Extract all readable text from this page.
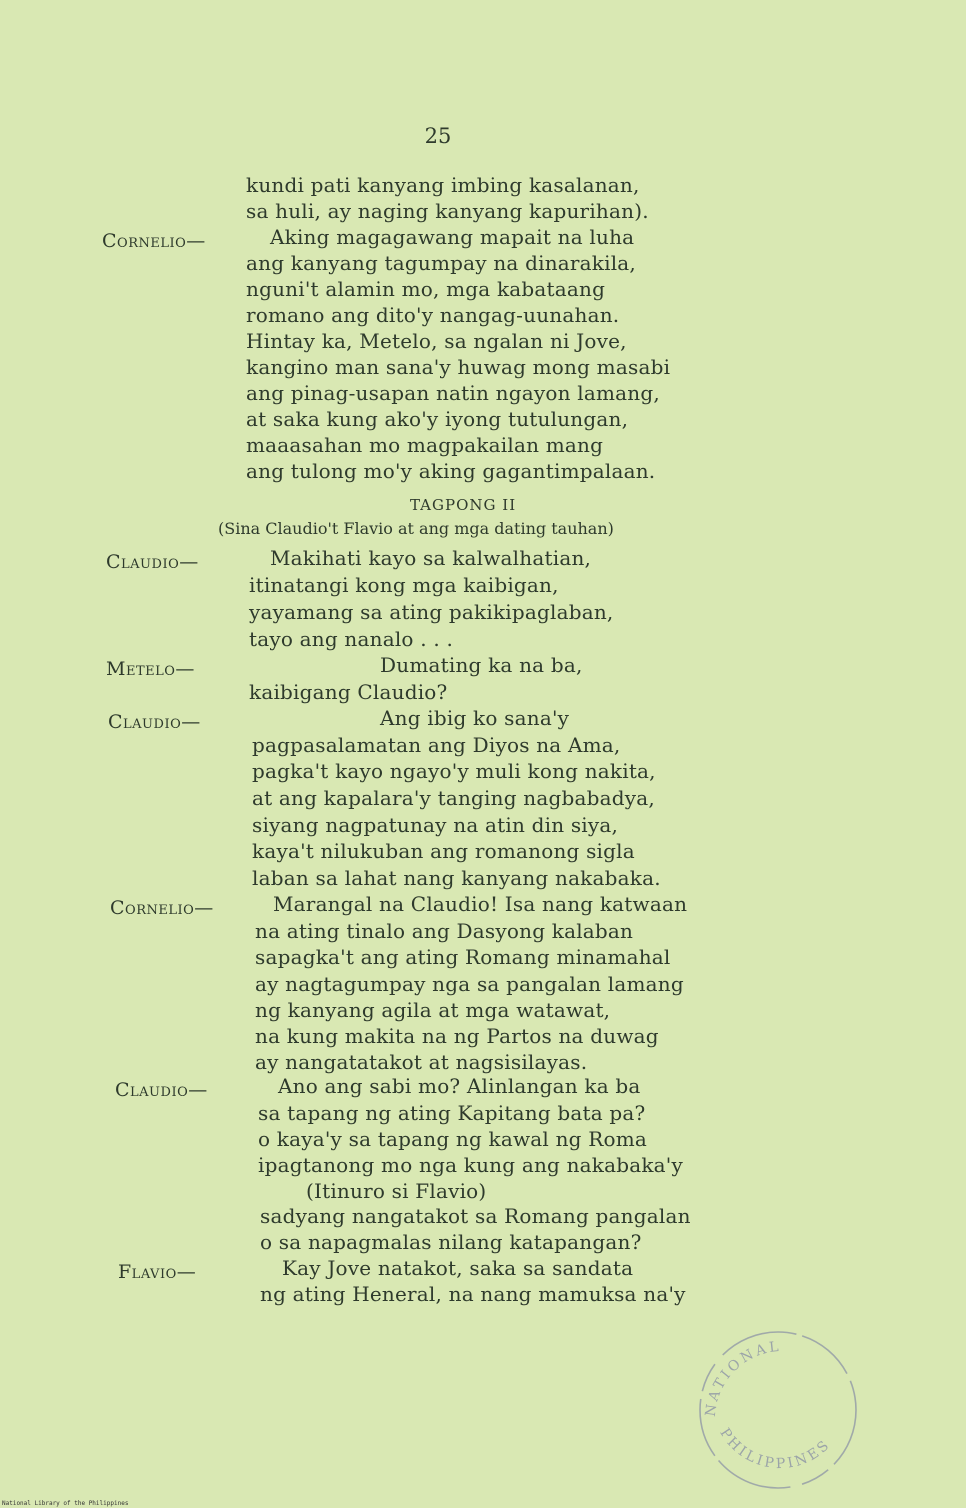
25
kundi pati kanyang imbing kasalanan,
sa huli, ay naging kanyang kapurihan).
Cornelio—	Aking magagawang mapait na luha
ang kanyang tagumpay na dinarakila,
nguni't alamin mo, mga kabataang
romano ang dito'y nangag-uunahan.
Hintay ka, Metelo, sa ngalan ni Jove,
kangino man sana'y huwag mong masabi
ang pinag-usapan natin ngayon lamang,
at saka kung ako'y iyong tutulungan,
maaasahan mo magpakailan mang
ang tulong mo'y aking gagantimpalaan.
TAGPONG II
(Sina Claudio't Flavio at ang mga dating tauhan)
Claudio—	Makihati kayo sa kalwalhatian,
itinatangi kong mga kaibigan,
yayamang sa ating pakikipaglaban,
tayo ang nanalo . . .
Metelo—	Dumating ka na ba,
kaibigang Claudio?
Claudio—	Ang ibig ko sana'y
pagpasalamatan ang Diyos na Ama,
pagka't kayo ngayo'y muli kong nakita,
at ang kapalara'y tanging nagbabadya,
siyang nagpatunay na atin din siya,
kaya't nilukuban ang romanong sigla
laban sa lahat nang kanyang nakabaka.
Cornelio—	Marangal na Claudio! Isa nang katwaan
na ating tinalo ang Dasyong kalaban
sapagka't ang ating Romang minamahal
ay nagtagumpay nga sa pangalan lamang
ng kanyang agila at mga watawat,
na kung makita na ng Partos na duwag
ay nangatatakot at nagsisilayas.
Claudio—	Ano ang sabi mo? Alinlangan ka ba
sa tapang ng ating Kapitang bata pa?
o kaya'y sa tapang ng kawal ng Roma
ipagtanong mo nga kung ang nakabaka'y
(Itinuro si Flavio)
sadyang nangatakot sa Romang pangalan
o sa napagmalas nilang katapangan?
Flavio—	Kay Jove natakot, saka sa sandata
ng ating Heneral, na nang mamuksa na'y
NATIONAL
PHILIPPINES
National Library of the Philippines
